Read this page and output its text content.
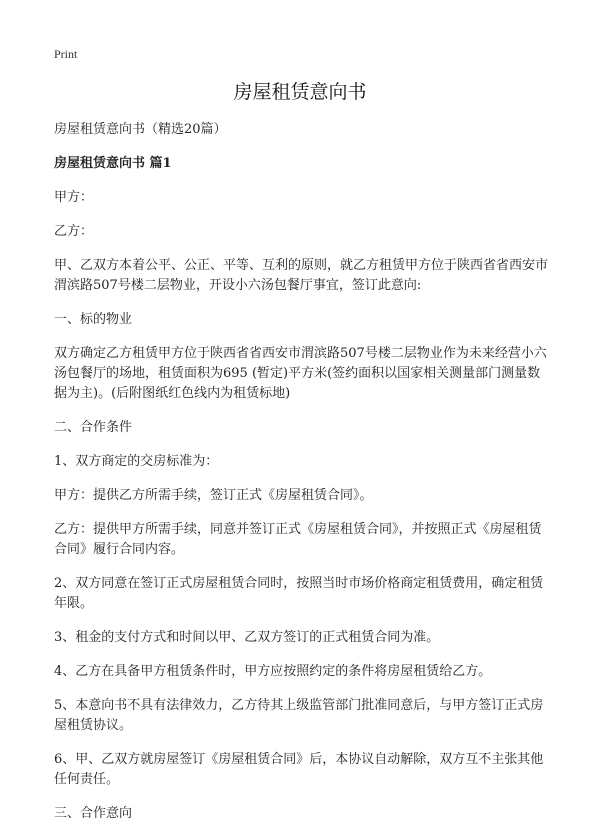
Print
房屋租赁意向书

房屋租赁意向书（精选20篇）

房屋租赁意向书 篇1

甲方：

乙方：

甲、乙双方本着公平、公正、平等、互利的原则，就乙方租赁甲方位于陕西省省西安市渭滨路507号楼二层物业，开设小六汤包餐厅事宜，签订此意向:

一、标的物业

双方确定乙方租赁甲方位于陕西省省西安市渭滨路507号楼二层物业作为未来经营小六汤包餐厅的场地，租赁面积为695 (暂定)平方米(签约面积以国家相关测量部门测量数据为主)。(后附图纸红色线内为租赁标地)

二、合作条件

1、双方商定的交房标准为：

甲方：提供乙方所需手续，签订正式《房屋租赁合同》。

乙方：提供甲方所需手续，同意并签订正式《房屋租赁合同》，并按照正式《房屋租赁合同》履行合同内容。

2、双方同意在签订正式房屋租赁合同时，按照当时市场价格商定租赁费用，确定租赁年限。

3、租金的支付方式和时间以甲、乙双方签订的正式租赁合同为准。

4、乙方在具备甲方租赁条件时，甲方应按照约定的条件将房屋租赁给乙方。

5、本意向书不具有法律效力，乙方待其上级监管部门批准同意后，与甲方签订正式房屋租赁协议。

6、甲、乙双方就房屋签订《房屋租赁合同》后，本协议自动解除，双方互不主张其他任何责任。

三、合作意向
